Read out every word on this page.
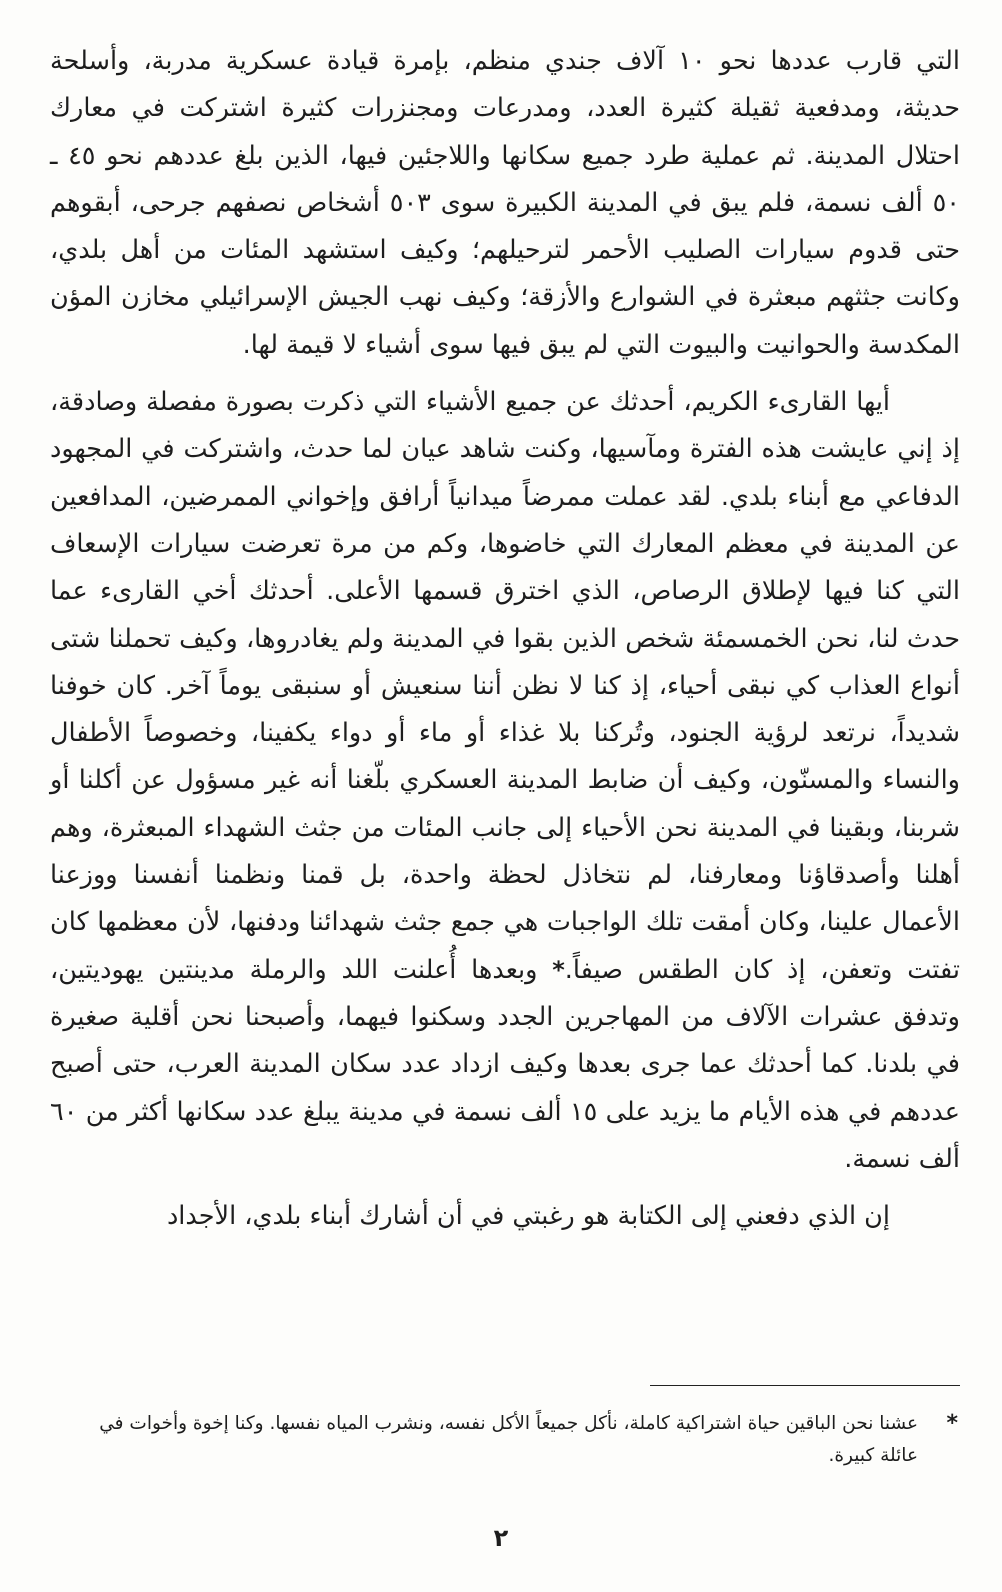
التي قارب عددها نحو ١٠ آلاف جندي منظم، بإمرة قيادة عسكرية مدربة، وأسلحة حديثة، ومدفعية ثقيلة كثيرة العدد، ومدرعات ومجنزرات كثيرة اشتركت في معارك احتلال المدينة. ثم عملية طرد جميع سكانها واللاجئين فيها، الذين بلغ عددهم نحو ٤٥ ـ ٥٠ ألف نسمة، فلم يبق في المدينة الكبيرة سوى ٥٠٣ أشخاص نصفهم جرحى، أبقوهم حتى قدوم سيارات الصليب الأحمر لترحيلهم؛ وكيف استشهد المئات من أهل بلدي، وكانت جثثهم مبعثرة في الشوارع والأزقة؛ وكيف نهب الجيش الإسرائيلي مخازن المؤن المكدسة والحوانيت والبيوت التي لم يبق فيها سوى أشياء لا قيمة لها.

أيها القارىء الكريم، أحدثك عن جميع الأشياء التي ذكرت بصورة مفصلة وصادقة، إذ إني عايشت هذه الفترة ومآسيها، وكنت شاهد عيان لما حدث، واشتركت في المجهود الدفاعي مع أبناء بلدي. لقد عملت ممرضاً ميدانياً أرافق وإخواني الممرضين، المدافعين عن المدينة في معظم المعارك التي خاضوها، وكم من مرة تعرضت سيارات الإسعاف التي كنا فيها لإطلاق الرصاص، الذي اخترق قسمها الأعلى. أحدثك أخي القارىء عما حدث لنا، نحن الخمسمئة شخص الذين بقوا في المدينة ولم يغادروها، وكيف تحملنا شتى أنواع العذاب كي نبقى أحياء، إذ كنا لا نظن أننا سنعيش أو سنبقى يوماً آخر. كان خوفنا شديداً، نرتعد لرؤية الجنود، وتُركنا بلا غذاء أو ماء أو دواء يكفينا، وخصوصاً الأطفال والنساء والمسنّون، وكيف أن ضابط المدينة العسكري بلّغنا أنه غير مسؤول عن أكلنا أو شربنا، وبقينا في المدينة نحن الأحياء إلى جانب المئات من جثث الشهداء المبعثرة، وهم أهلنا وأصدقاؤنا ومعارفنا، لم نتخاذل لحظة واحدة، بل قمنا ونظمنا أنفسنا ووزعنا الأعمال علينا، وكان أمقت تلك الواجبات هي جمع جثث شهدائنا ودفنها، لأن معظمها كان تفتت وتعفن، إذ كان الطقس صيفاً.* وبعدها أُعلنت اللد والرملة مدينتين يهوديتين، وتدفق عشرات الآلاف من المهاجرين الجدد وسكنوا فيهما، وأصبحنا نحن أقلية صغيرة في بلدنا. كما أحدثك عما جرى بعدها وكيف ازداد عدد سكان المدينة العرب، حتى أصبح عددهم في هذه الأيام ما يزيد على ١٥ ألف نسمة في مدينة يبلغ عدد سكانها أكثر من ٦٠ ألف نسمة.

إن الذي دفعني إلى الكتابة هو رغبتي في أن أشارك أبناء بلدي، الأجداد

*
عشنا نحن الباقين حياة اشتراكية كاملة، نأكل جميعاً الأكل نفسه، ونشرب المياه نفسها. وكنا إخوة وأخوات في عائلة كبيرة.
٢
